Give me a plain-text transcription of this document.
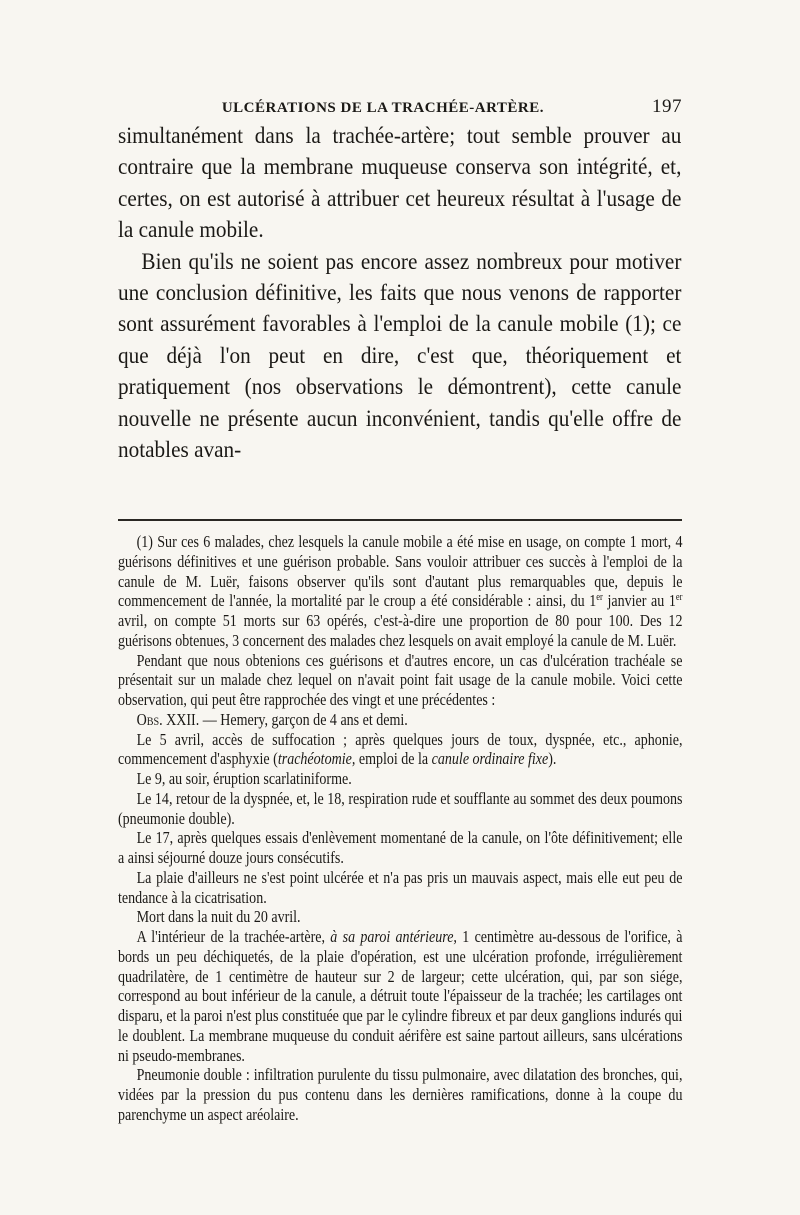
ULCÉRATIONS DE LA TRACHÉE-ARTÈRE.	197

simultanément dans la trachée-artère; tout semble prouver au contraire que la membrane muqueuse conserva son intégrité, et, certes, on est autorisé à attribuer cet heureux résultat à l'usage de la canule mobile.

Bien qu'ils ne soient pas encore assez nombreux pour motiver une conclusion définitive, les faits que nous venons de rapporter sont assurément favorables à l'emploi de la canule mobile (1); ce que déjà l'on peut en dire, c'est que, théoriquement et pratiquement (nos observations le démontrent), cette canule nouvelle ne présente aucun inconvénient, tandis qu'elle offre de notables avan-

(1) Sur ces 6 malades, chez lesquels la canule mobile a été mise en usage, on compte 1 mort, 4 guérisons définitives et une guérison probable. Sans vouloir attribuer ces succès à l'emploi de la canule de M. Luër, faisons observer qu'ils sont d'autant plus remarquables que, depuis le commencement de l'année, la mortalité par le croup a été considérable : ainsi, du 1er janvier au 1er avril, on compte 51 morts sur 63 opérés, c'est-à-dire une proportion de 80 pour 100. Des 12 guérisons obtenues, 3 concernent des malades chez lesquels on avait employé la canule de M. Luër.

Pendant que nous obtenions ces guérisons et d'autres encore, un cas d'ulcération trachéale se présentait sur un malade chez lequel on n'avait point fait usage de la canule mobile. Voici cette observation, qui peut être rapprochée des vingt et une précédentes :

Obs. XXII. — Hemery, garçon de 4 ans et demi.

Le 5 avril, accès de suffocation ; après quelques jours de toux, dyspnée, etc., aphonie, commencement d'asphyxie (trachéotomie, emploi de la canule ordinaire fixe).

Le 9, au soir, éruption scarlatiniforme.

Le 14, retour de la dyspnée, et, le 18, respiration rude et soufflante au sommet des deux poumons (pneumonie double).

Le 17, après quelques essais d'enlèvement momentané de la canule, on l'ôte définitivement; elle a ainsi séjourné douze jours consécutifs.

La plaie d'ailleurs ne s'est point ulcérée et n'a pas pris un mauvais aspect, mais elle eut peu de tendance à la cicatrisation.

Mort dans la nuit du 20 avril.

A l'intérieur de la trachée-artère, à sa paroi antérieure, 1 centimètre au-dessous de l'orifice, à bords un peu déchiquetés, de la plaie d'opération, est une ulcération profonde, irrégulièrement quadrilatère, de 1 centimètre de hauteur sur 2 de largeur; cette ulcération, qui, par son siége, correspond au bout inférieur de la canule, a détruit toute l'épaisseur de la trachée; les cartilages ont disparu, et la paroi n'est plus constituée que par le cylindre fibreux et par deux ganglions indurés qui le doublent. La membrane muqueuse du conduit aérifère est saine partout ailleurs, sans ulcérations ni pseudo-membranes.

Pneumonie double : infiltration purulente du tissu pulmonaire, avec dilatation des bronches, qui, vidées par la pression du pus contenu dans les dernières ramifications, donne à la coupe du parenchyme un aspect aréolaire.
